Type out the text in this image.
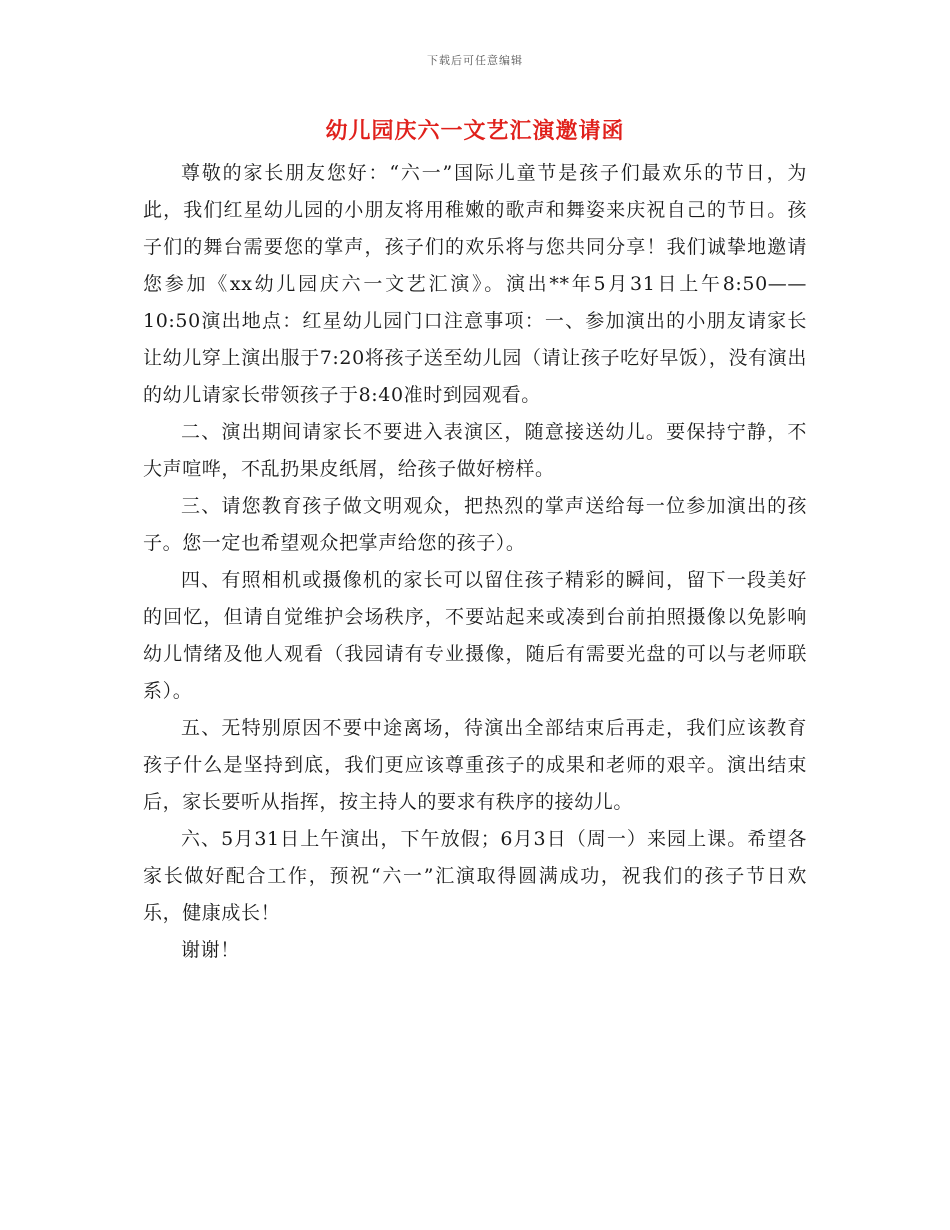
下载后可任意编辑
幼儿园庆六一文艺汇演邀请函

尊敬的家长朋友您好：“六一”国际儿童节是孩子们最欢乐的节日，为此，我们红星幼儿园的小朋友将用稚嫩的歌声和舞姿来庆祝自己的节日。孩子们的舞台需要您的掌声，孩子们的欢乐将与您共同分享！我们诚挚地邀请您参加《xx幼儿园庆六一文艺汇演》。演出**年5月31日上午8:50——10:50演出地点：红星幼儿园门口注意事项：一、参加演出的小朋友请家长让幼儿穿上演出服于7:20将孩子送至幼儿园（请让孩子吃好早饭），没有演出的幼儿请家长带领孩子于8:40准时到园观看。

二、演出期间请家长不要进入表演区，随意接送幼儿。要保持宁静，不大声喧哗，不乱扔果皮纸屑，给孩子做好榜样。

三、请您教育孩子做文明观众，把热烈的掌声送给每一位参加演出的孩子。您一定也希望观众把掌声给您的孩子）。

四、有照相机或摄像机的家长可以留住孩子精彩的瞬间，留下一段美好的回忆，但请自觉维护会场秩序，不要站起来或凑到台前拍照摄像以免影响幼儿情绪及他人观看（我园请有专业摄像，随后有需要光盘的可以与老师联系）。

五、无特别原因不要中途离场，待演出全部结束后再走，我们应该教育孩子什么是坚持到底，我们更应该尊重孩子的成果和老师的艰辛。演出结束后，家长要听从指挥，按主持人的要求有秩序的接幼儿。

六、5月31日上午演出，下午放假；6月3日（周一）来园上课。希望各家长做好配合工作，预祝“六一”汇演取得圆满成功，祝我们的孩子节日欢乐，健康成长！

谢谢！
